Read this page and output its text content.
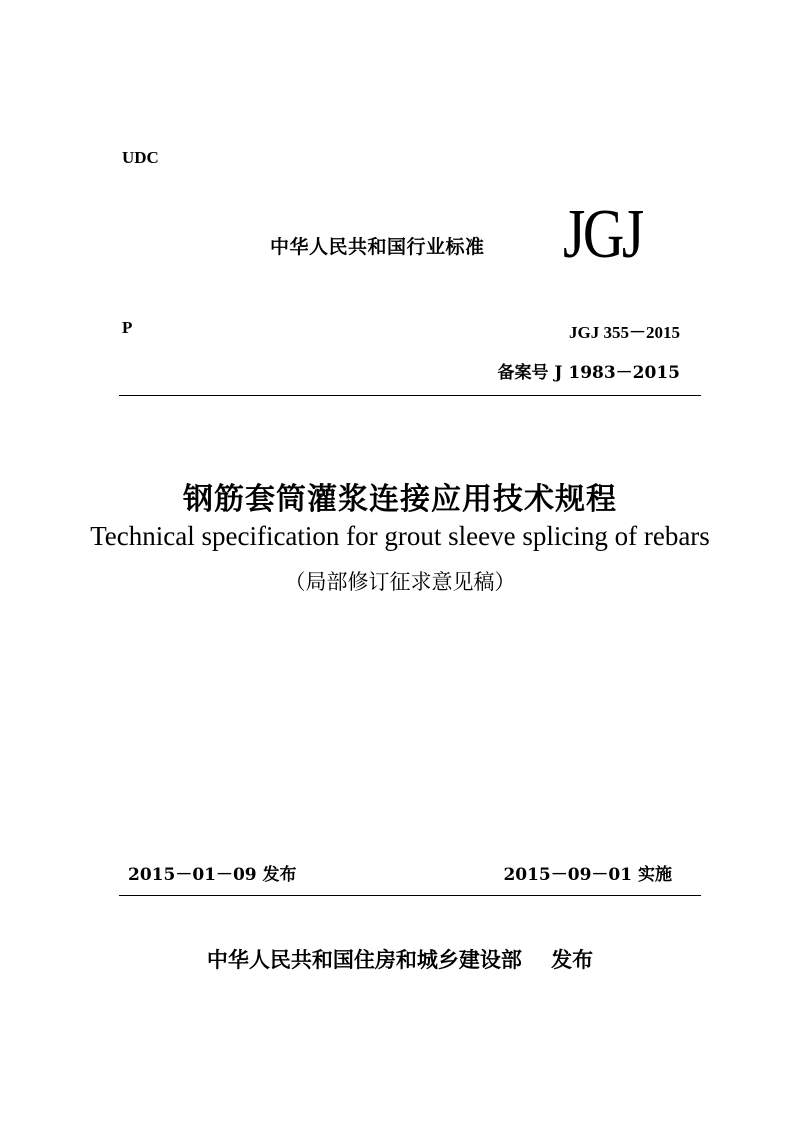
UDC
中华人民共和国行业标准 JGJ
P	JGJ 355－2015
备案号 J 1983－2015
钢筋套筒灌浆连接应用技术规程
Technical specification for grout sleeve splicing of rebars
（局部修订征求意见稿）
2015－01－09 发布	2015－09－01 实施
中华人民共和国住房和城乡建设部    发布
